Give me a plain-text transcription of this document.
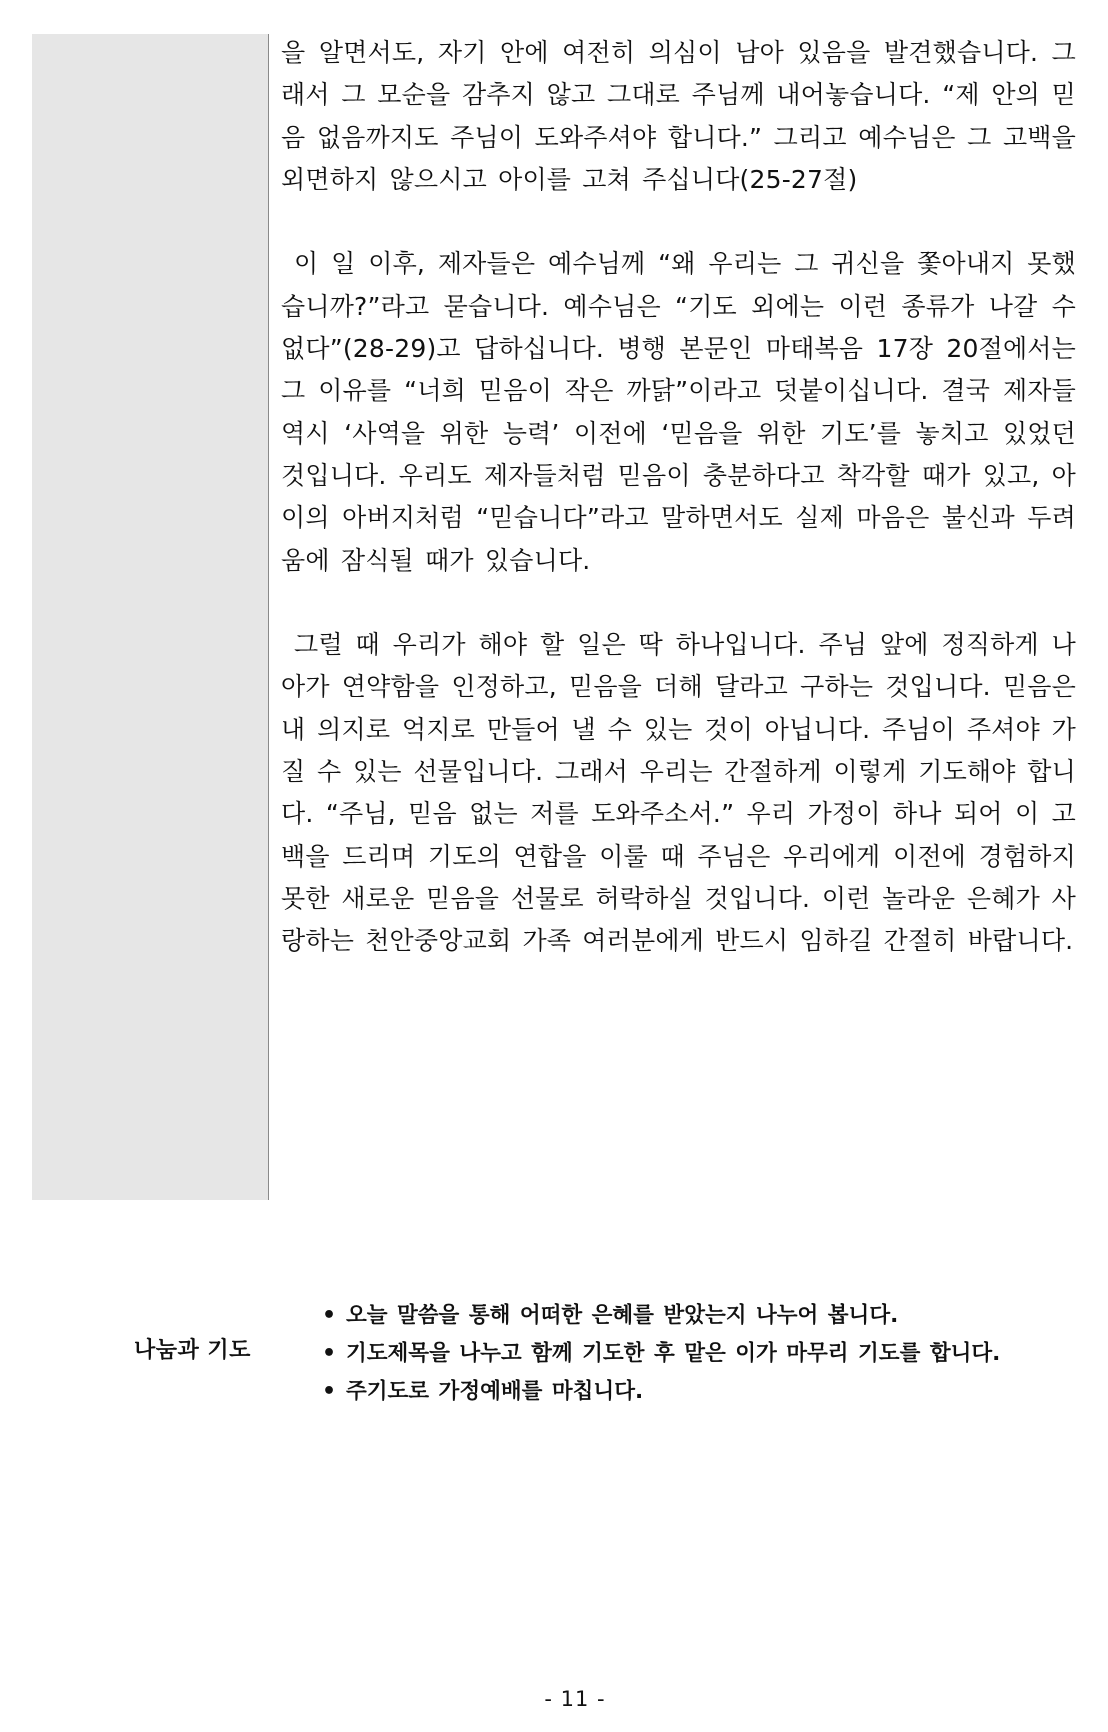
을 알면서도, 자기 안에 여전히 의심이 남아 있음을 발견했습니다. 그래서 그 모순을 감추지 않고 그대로 주님께 내어놓습니다. “제 안의 믿음 없음까지도 주님이 도와주셔야 합니다.” 그리고 예수님은 그 고백을 외면하지 않으시고 아이를 고쳐 주십니다(25-27절)

이 일 이후, 제자들은 예수님께 “왜 우리는 그 귀신을 쫓아내지 못했습니까?”라고 묻습니다. 예수님은 “기도 외에는 이런 종류가 나갈 수 없다”(28-29)고 답하십니다. 병행 본문인 마태복음 17장 20절에서는 그 이유를 “너희 믿음이 작은 까닭”이라고 덧붙이십니다. 결국 제자들 역시 ‘사역을 위한 능력’ 이전에 ‘믿음을 위한 기도’를 놓치고 있었던 것입니다. 우리도 제자들처럼 믿음이 충분하다고 착각할 때가 있고, 아이의 아버지처럼 “믿습니다”라고 말하면서도 실제 마음은 불신과 두려움에 잠식될 때가 있습니다.

그럴 때 우리가 해야 할 일은 딱 하나입니다. 주님 앞에 정직하게 나아가 연약함을 인정하고, 믿음을 더해 달라고 구하는 것입니다. 믿음은 내 의지로 억지로 만들어 낼 수 있는 것이 아닙니다. 주님이 주셔야 가질 수 있는 선물입니다. 그래서 우리는 간절하게 이렇게 기도해야 합니다. “주님, 믿음 없는 저를 도와주소서.” 우리 가정이 하나 되어 이 고백을 드리며 기도의 연합을 이룰 때 주님은 우리에게 이전에 경험하지 못한 새로운 믿음을 선물로 허락하실 것입니다. 이런 놀라운 은혜가 사랑하는 천안중앙교회 가족 여러분에게 반드시 임하길 간절히 바랍니다.

나눔과 기도
• 오늘 말씀을 통해 어떠한 은혜를 받았는지 나누어 봅니다.
• 기도제목을 나누고 함께 기도한 후 맡은 이가 마무리 기도를 합니다.
• 주기도로 가정예배를 마칩니다.
- 11 -
